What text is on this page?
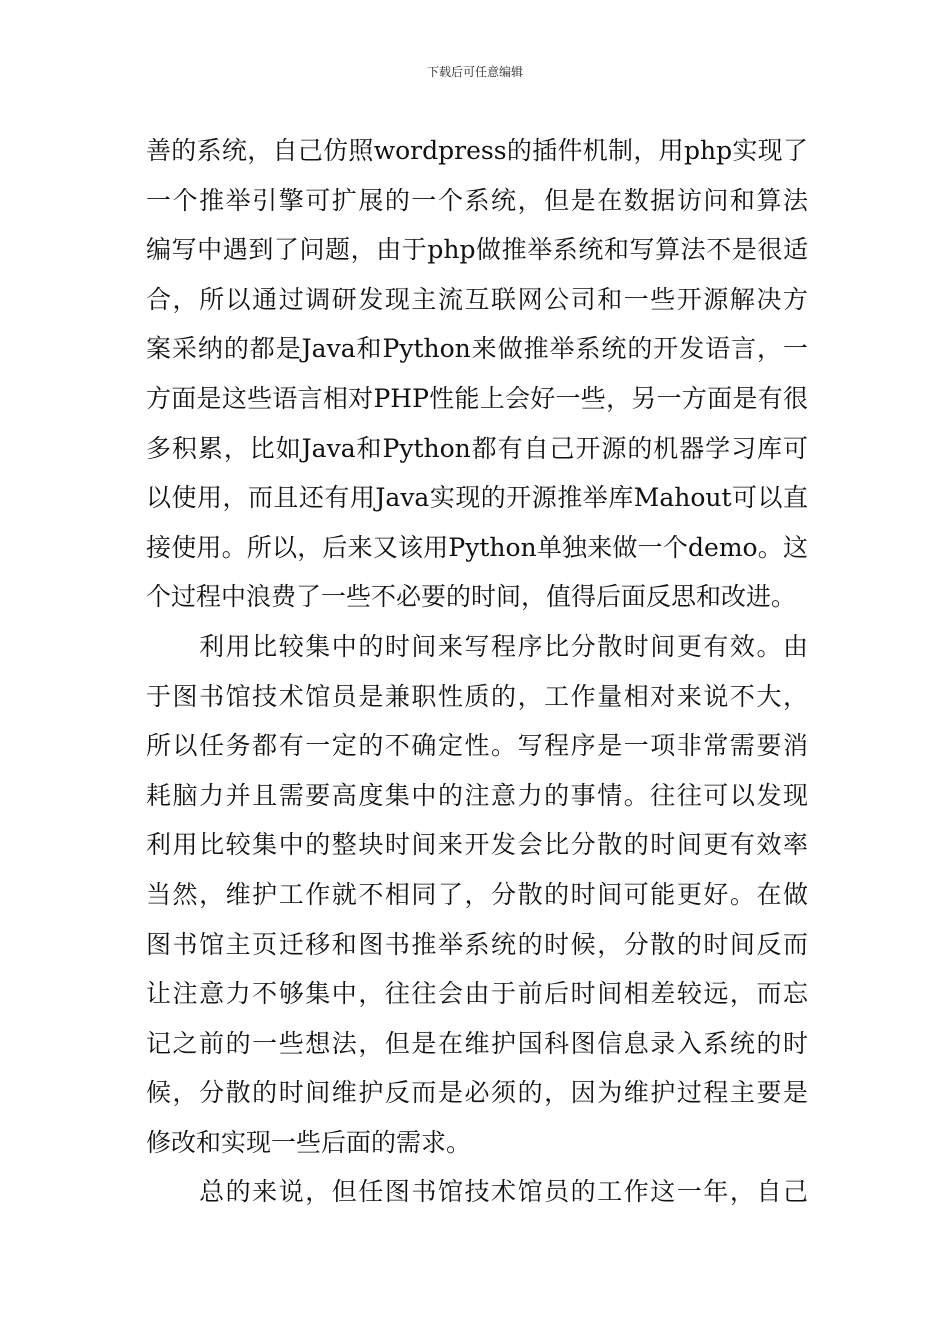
下载后可任意编辑
善的系统，自己仿照wordpress的插件机制，用php实现了
一个推举引擎可扩展的一个系统，但是在数据访问和算法
编写中遇到了问题，由于php做推举系统和写算法不是很适
合，所以通过调研发现主流互联网公司和一些开源解决方
案采纳的都是Java和Python来做推举系统的开发语言，一
方面是这些语言相对PHP性能上会好一些，另一方面是有很
多积累，比如Java和Python都有自己开源的机器学习库可
以使用，而且还有用Java实现的开源推举库Mahout可以直
接使用。所以，后来又该用Python单独来做一个demo。这
个过程中浪费了一些不必要的时间，值得后面反思和改进。
　　利用比较集中的时间来写程序比分散时间更有效。由
于图书馆技术馆员是兼职性质的，工作量相对来说不大，
所以任务都有一定的不确定性。写程序是一项非常需要消
耗脑力并且需要高度集中的注意力的事情。往往可以发现
利用比较集中的整块时间来开发会比分散的时间更有效率
当然，维护工作就不相同了，分散的时间可能更好。在做
图书馆主页迁移和图书推举系统的时候，分散的时间反而
让注意力不够集中，往往会由于前后时间相差较远，而忘
记之前的一些想法，但是在维护国科图信息录入系统的时
候，分散的时间维护反而是必须的，因为维护过程主要是
修改和实现一些后面的需求。
　　总的来说，但任图书馆技术馆员的工作这一年，自己
